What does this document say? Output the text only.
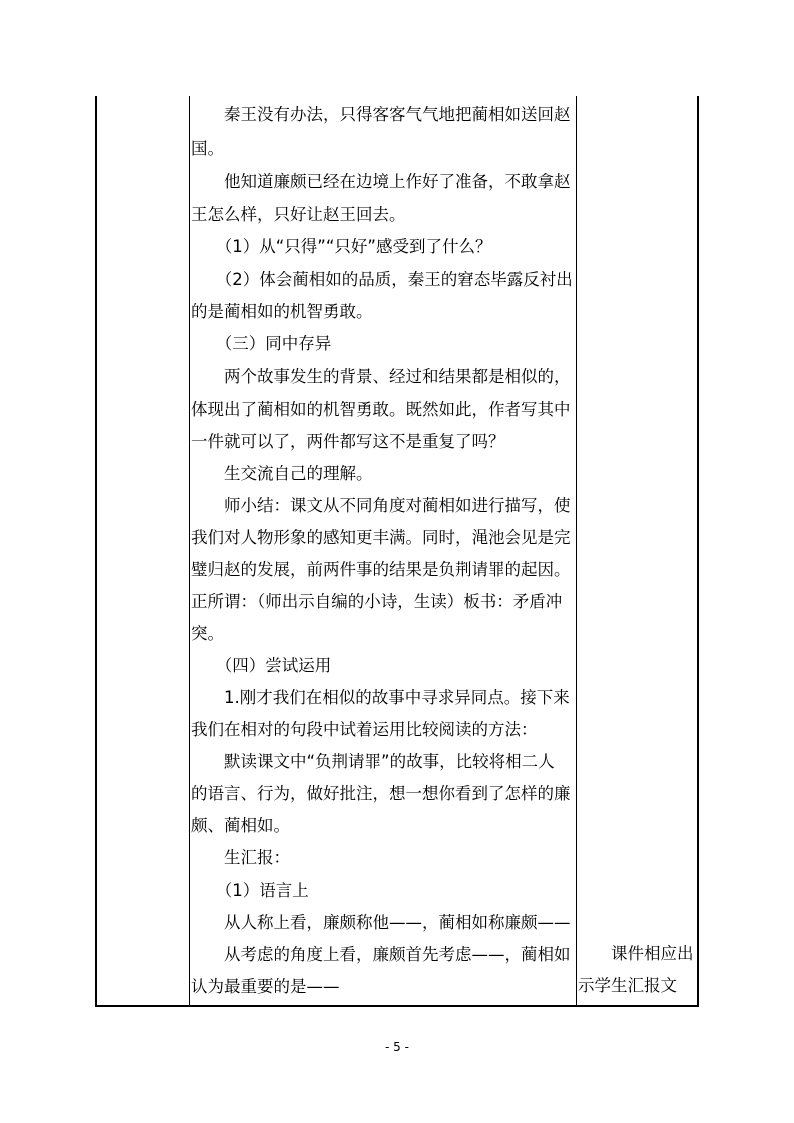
　　秦王没有办法，只得客客气气地把蔺相如送回赵
国。
　　他知道廉颇已经在边境上作好了准备，不敢拿赵
王怎么样，只好让赵王回去。
　　（1）从“只得”“只好”感受到了什么？
　　（2）体会蔺相如的品质，秦王的窘态毕露反衬出
的是蔺相如的机智勇敢。
　　（三）同中存异
　　两个故事发生的背景、经过和结果都是相似的，
体现出了蔺相如的机智勇敢。既然如此，作者写其中
一件就可以了，两件都写这不是重复了吗？
　　生交流自己的理解。
　　师小结：课文从不同角度对蔺相如进行描写，使
我们对人物形象的感知更丰满。同时，渑池会见是完
璧归赵的发展，前两件事的结果是负荆请罪的起因。
正所谓：（师出示自编的小诗，生读）板书：矛盾冲
突。
　　（四）尝试运用
　　1.刚才我们在相似的故事中寻求异同点。接下来
我们在相对的句段中试着运用比较阅读的方法：
　　默读课文中“负荆请罪”的故事，比较将相二人
的语言、行为，做好批注，想一想你看到了怎样的廉
颇、蔺相如。
　　生汇报：
　　（1）语言上
　　从人称上看，廉颇称他——，蔺相如称廉颇——
　　从考虑的角度上看，廉颇首先考虑——，蔺相如
认为最重要的是——
　　课件相应出
示学生汇报文
- 5 -
